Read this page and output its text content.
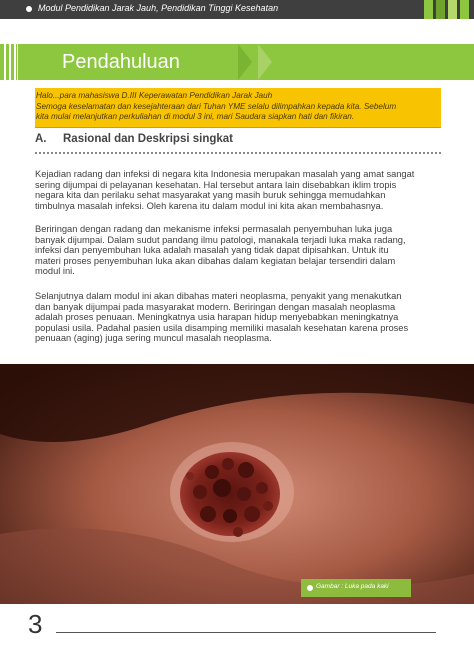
Modul Pendidikan Jarak Jauh, Pendidikan Tinggi Kesehatan
Pendahuluan

Halo...para mahasiswa D.III Keperawatan Pendidikan Jarak Jauh

Semoga keselamatan dan kesejahteraan dari Tuhan YME selalu dilimpahkan kepada kita. Sebelum

kita mulai melanjutkan perkuliahan di modul 3 ini, mari Saudara siapkan hati dan fikiran.

A. Rasional dan Deskripsi singkat

Kejadian radang dan infeksi di negara kita Indonesia merupakan masalah yang amat sangat

sering dijumpai di pelayanan kesehatan. Hal tersebut antara lain disebabkan iklim tropis

negara kita dan perilaku sehat masyarakat yang masih buruk sehingga memudahkan

timbulnya masalah infeksi. Oleh karena itu dalam modul ini kita akan membahasnya.

Beriringan dengan radang dan mekanisme infeksi permasalah penyembuhan luka juga

banyak dijumpai. Dalam sudut pandang ilmu patologi, manakala terjadi luka maka radang,

infeksi dan penyembuhan luka adalah masalah yang tidak dapat dipisahkan. Untuk itu

materi proses penyembuhan luka akan dibahas dalam kegiatan belajar tersendiri dalam

modul ini.

Selanjutnya dalam modul ini akan dibahas materi neoplasma, penyakit yang menakutkan

dan banyak dijumpai pada masyarakat modern. Beriringan dengan masalah neoplasma

adalah proses penuaan. Meningkatnya usia harapan hidup menyebabkan meningkatnya

populasi usila. Padahal pasien usila disamping memiliki masalah kesehatan karena proses

penuaan (aging) juga sering muncul masalah neoplasma.

Gambar : Luka pada kaki
3
